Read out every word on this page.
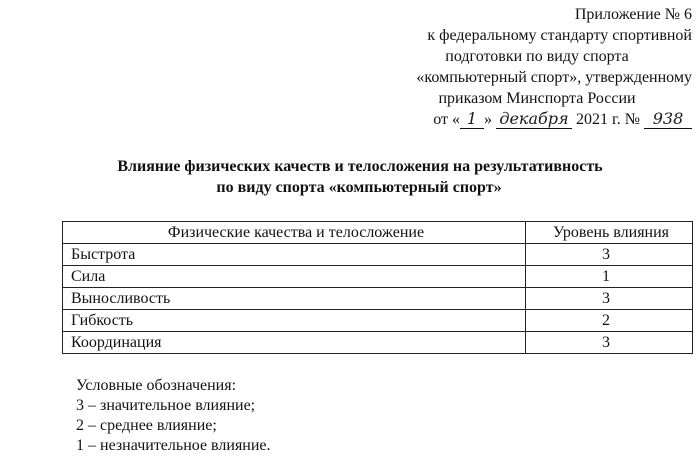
Приложение № 6
к федеральному стандарту спортивной
подготовки по виду спорта
«компьютерный спорт», утвержденному
приказом Минспорта России
от « 1 » декабря 2021 г. № 938
Влияние физических качеств и телосложения на результативность
по виду спорта «компьютерный спорт»
Физические качества и телосложение	Уровень влияния
Быстрота	3
Сила	1
Выносливость	3
Гибкость	2
Координация	3
Условные обозначения:
3 – значительное влияние;
2 – среднее влияние;
1 – незначительное влияние.
